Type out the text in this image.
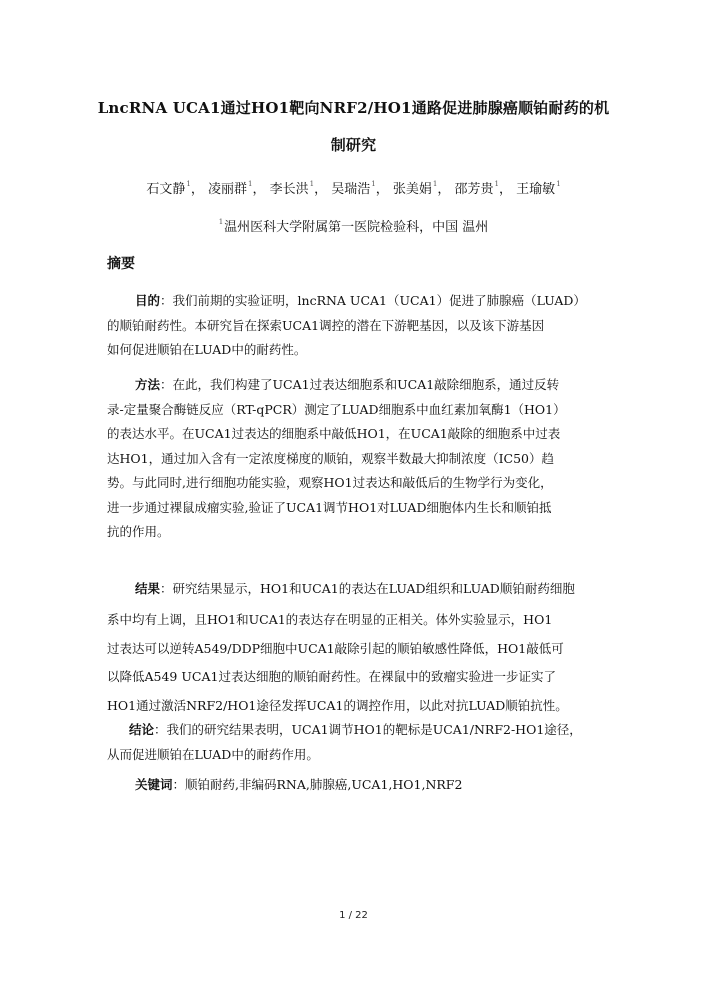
LncRNA UCA1通过HO1靶向NRF2/HO1通路促进肺腺癌顺铂耐药的机
制研究
石文静$^1$， 凌丽群$^1$， 李长洪$^1$， 吴瑞浩$^1$， 张美娟$^1$， 邵芳贵$^1$， 王瑜敏$^1$
$^1$温州医科大学附属第一医院检验科，中国 温州
摘要
目的：我们前期的实验证明，lncRNA UCA1（UCA1）促进了肺腺癌（LUAD）
的顺铂耐药性。本研究旨在探索UCA1调控的潜在下游靶基因，以及该下游基因
如何促进顺铂在LUAD中的耐药性。
方法：在此，我们构建了UCA1过表达细胞系和UCA1敲除细胞系，通过反转
录-定量聚合酶链反应（RT-qPCR）测定了LUAD细胞系中血红素加氧酶1（HO1）
的表达水平。在UCA1过表达的细胞系中敲低HO1，在UCA1敲除的细胞系中过表
达HO1，通过加入含有一定浓度梯度的顺铂，观察半数最大抑制浓度（IC50）趋
势。与此同时,进行细胞功能实验，观察HO1过表达和敲低后的生物学行为变化，
进一步通过裸鼠成瘤实验,验证了UCA1调节HO1对LUAD细胞体内生长和顺铂抵
抗的作用。
结果：研究结果显示，HO1和UCA1的表达在LUAD组织和LUAD顺铂耐药细胞
系中均有上调，且HO1和UCA1的表达存在明显的正相关。体外实验显示，HO1
过表达可以逆转A549/DDP细胞中UCA1敲除引起的顺铂敏感性降低，HO1敲低可
以降低A549 UCA1过表达细胞的顺铂耐药性。在裸鼠中的致瘤实验进一步证实了
HO1通过激活NRF2/HO1途径发挥UCA1的调控作用，以此对抗LUAD顺铂抗性。
结论：我们的研究结果表明，UCA1调节HO1的靶标是UCA1/NRF2-HO1途径，
从而促进顺铂在LUAD中的耐药作用。
关键词：顺铂耐药,非编码RNA,肺腺癌,UCA1,HO1,NRF2
1 / 22
